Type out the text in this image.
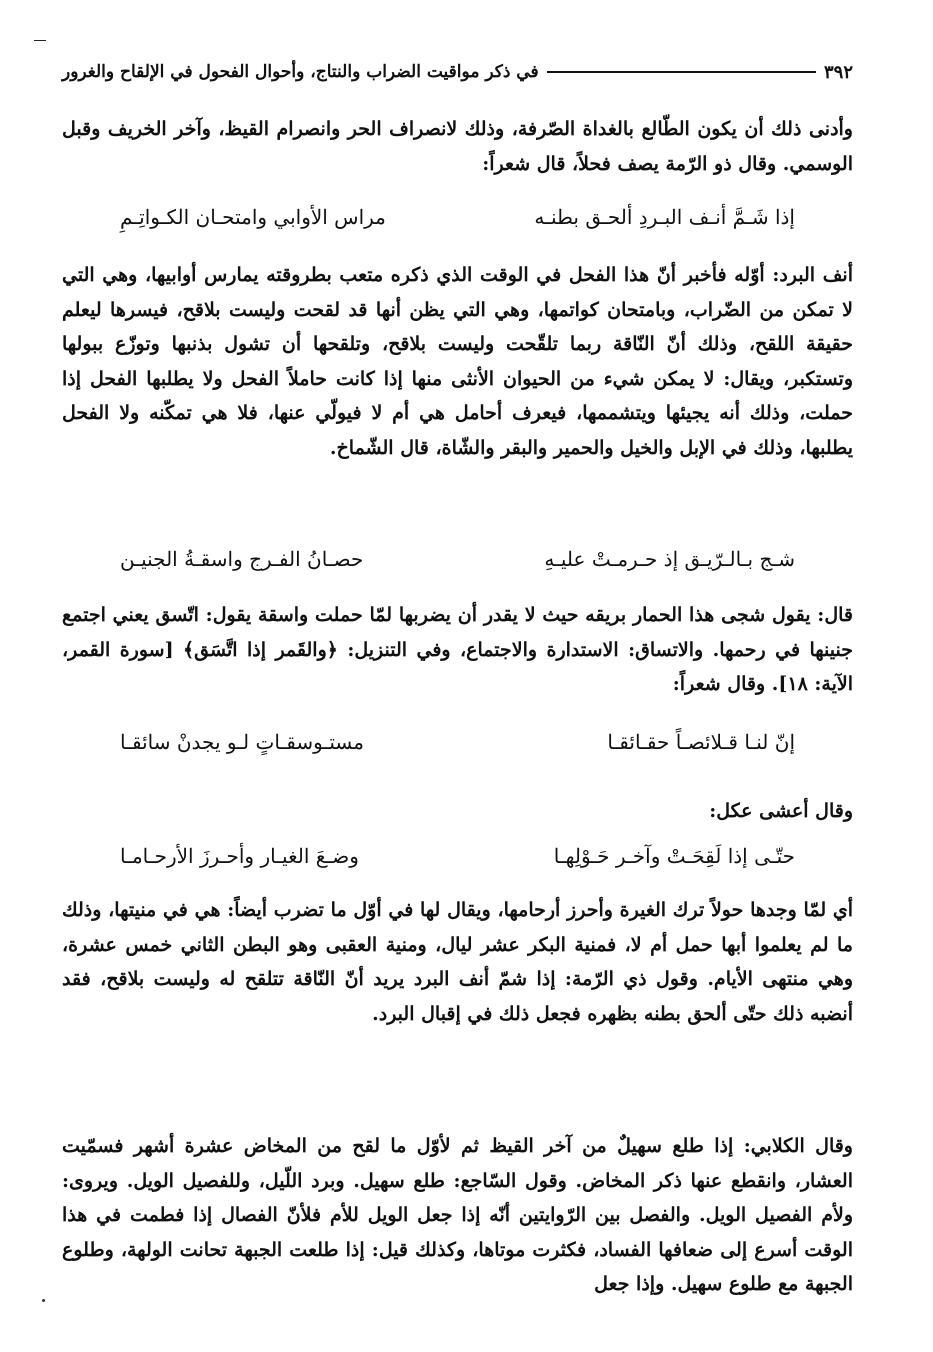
٣٩٢
في ذكر مواقيت الضراب والنتاج، وأحوال الفحول في الإلقاح والغرور

وأدنى ذلك أن يكون الطّالع بالغداة الصّرفة، وذلك لانصراف الحر وانصرام القيظ، وآخر الخريف وقبل الوسمي. وقال ذو الرّمة يصف فحلاً، قال شعراً:

إذا شَـمَّ أنـف البـردِ ألحـق بطنـه
مراس الأوابي وامتحـان الكـواتِـمِ

أنف البرد: أوّله فأخبر أنّ هذا الفحل في الوقت الذي ذكره متعب بطروقته يمارس أوابيها، وهي التي لا تمكن من الضّراب، وبامتحان كواتمها، وهي التي يظن أنها قد لقحت وليست بلاقح، فيسرها ليعلم حقيقة اللقح، وذلك أنّ النّاقة ربما تلقّحت وليست بلاقح، وتلقحها أن تشول بذنبها وتوزّع ببولها وتستكبر، ويقال: لا يمكن شيء من الحيوان الأنثى منها إذا كانت حاملاً الفحل ولا يطلبها الفحل إذا حملت، وذلك أنه يجيئها ويتشممها، فيعرف أحامل هي أم لا فيولّي عنها، فلا هي تمكّنه ولا الفحل يطلبها، وذلك في الإبل والخيل والحمير والبقر والشّاة، قال الشّماخ.

شـج بـالـرّيـق إذ حـرمـتْ عليـهِ
حصـانُ الفـرج واسقـةُ الجنيـن

قال: يقول شجى هذا الحمار بريقه حيث لا يقدر أن يضربها لمّا حملت واسقة يقول: اتّسق يعني اجتمع جنينها في رحمها. والاتساق: الاستدارة والاجتماع، وفي التنزيل: ﴿والقَمر إذا اتَّسَق﴾ [سورة القمر، الآية: ١٨]. وقال شعراً:

إنّ لنـا قـلائصـاً حقـائقـا
مستـوسقـاتٍ لـو يجدنْ سائقـا

وقال أعشى عكل:

حتّـى إذا لَقِحَـتْ وآخـر حَـوْلِهـا
وضـعَ الغيـار وأحـرزَ الأرحـامـا

أي لمّا وجدها حولاً ترك الغيرة وأحرز أرحامها، ويقال لها في أوّل ما تضرب أيضاً: هي في منيتها، وذلك ما لم يعلموا أبها حمل أم لا، فمنية البكر عشر ليال، ومنية العقبى وهو البطن الثاني خمس عشرة، وهي منتهى الأيام. وقول ذي الرّمة: إذا شمّ أنف البرد يريد أنّ النّاقة تتلقح له وليست بلاقح، فقد أنضبه ذلك حتّى ألحق بطنه بظهره فجعل ذلك في إقبال البرد.

وقال الكلابي: إذا طلع سهيلٌ من آخر القيظ ثم لأوّل ما لقح من المخاض عشرة أشهر فسمّيت العشار، وانقطع عنها ذكر المخاض. وقول السّاجع: طلع سهيل. وبرد اللّيل، وللفصيل الويل. ويروى: ولأم الفصيل الويل. والفصل بين الرّوايتين أنّه إذا جعل الويل للأم فلأنّ الفصال إذا فطمت في هذا الوقت أسرع إلى ضعافها الفساد، فكثرت موتاها، وكذلك قيل: إذا طلعت الجبهة تحانت الولهة، وطلوع الجبهة مع طلوع سهيل. وإذا جعل
